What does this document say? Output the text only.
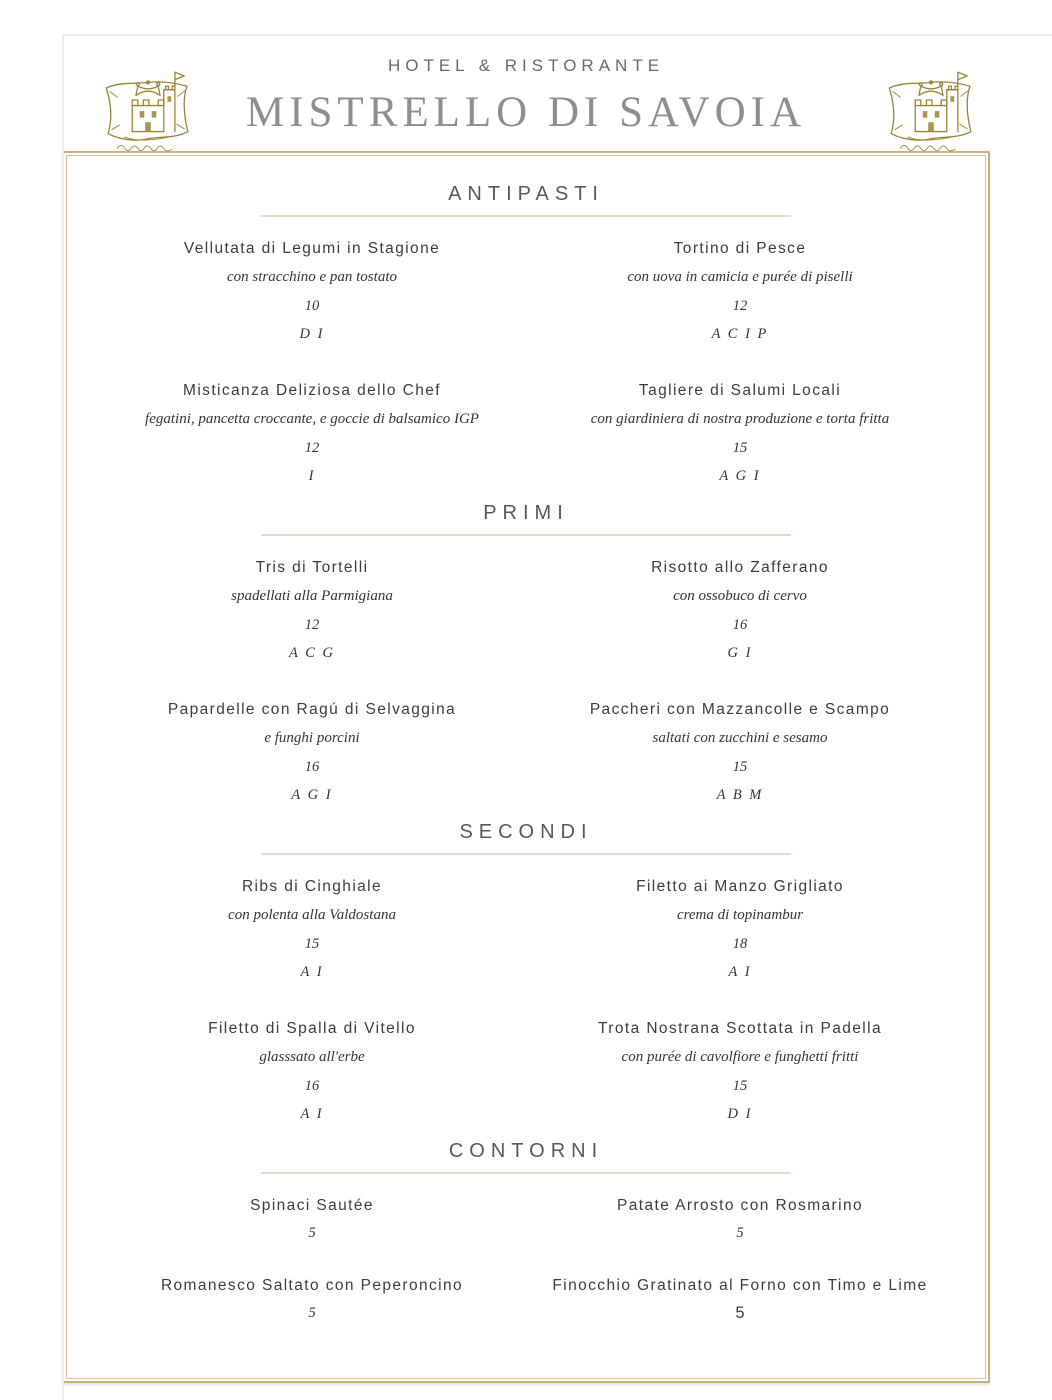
HOTEL & RISTORANTE
MISTRELLO DI SAVOIA
ANTIPASTI
Vellutata di Legumi in Stagione
con stracchino e pan tostato
10
D I
Tortino di Pesce
con uova in camicia e purée di piselli
12
A C I P
Misticanza Deliziosa dello Chef
fegatini, pancetta croccante, e goccie di balsamico IGP
12
I
Tagliere di Salumi Locali
con giardiniera di nostra produzione e torta fritta
15
A G I
PRIMI
Tris di Tortelli
spadellati alla Parmigiana
12
A C G
Risotto allo Zafferano
con ossobuco di cervo
16
G I
Papardelle con Ragú di Selvaggina
e funghi porcini
16
A G I
Paccheri con Mazzancolle e Scampo
saltati con zucchini e sesamo
15
A B M
SECONDI
Ribs di Cinghiale
con polenta alla Valdostana
15
A I
Filetto ai Manzo Grigliato
crema di topinambur
18
A I
Filetto di Spalla di Vitello
glasssato all'erbe
16
A I
Trota Nostrana Scottata in Padella
con purée di cavolfiore e funghetti fritti
15
D I
CONTORNI
Spinaci Sautée
5
Patate Arrosto con Rosmarino
5
Romanesco Saltato con Peperoncino
5
Finocchio Gratinato al Forno con Timo e Lime
5
